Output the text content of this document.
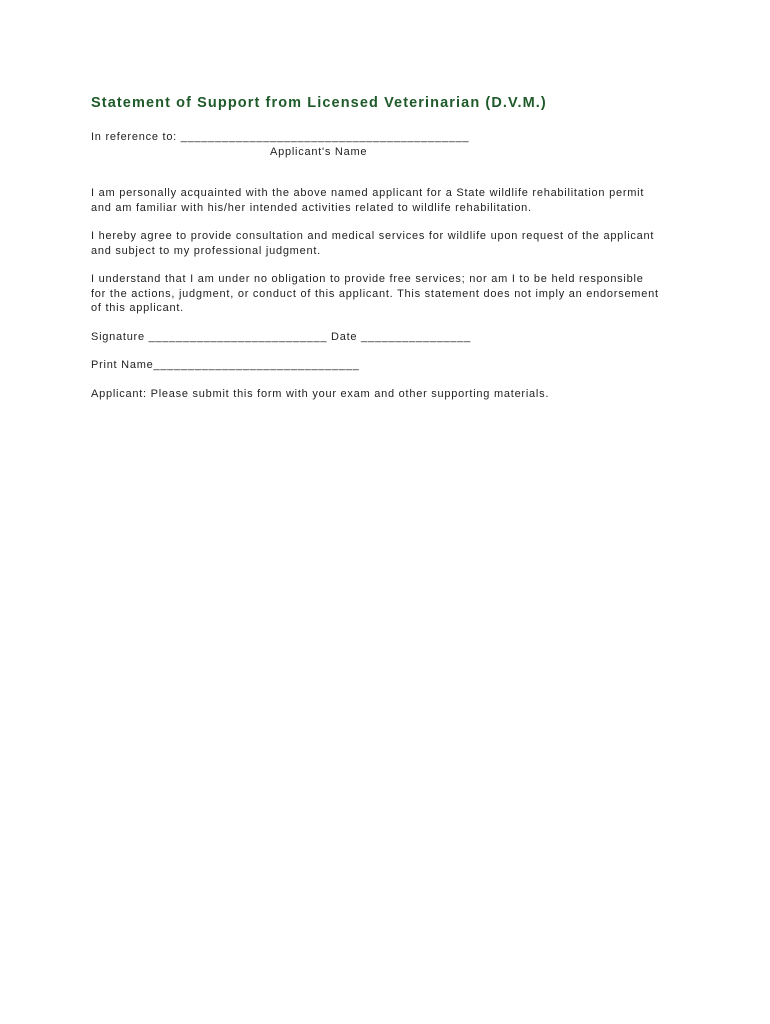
Statement of Support from Licensed Veterinarian (D.V.M.)

In reference to: __________________________________________

Applicant's Name

I am personally acquainted with the above named applicant for a State wildlife rehabilitation permit

and am familiar with his/her intended activities related to wildlife rehabilitation.

I hereby agree to provide consultation and medical services for wildlife upon request of the applicant

and subject to my professional judgment.

I understand that I am under no obligation to provide free services; nor am I to be held responsible

for the actions, judgment, or conduct of this applicant. This statement does not imply an endorsement

of this applicant.

Signature __________________________ Date ________________

Print Name______________________________

Applicant: Please submit this form with your exam and other supporting materials.
